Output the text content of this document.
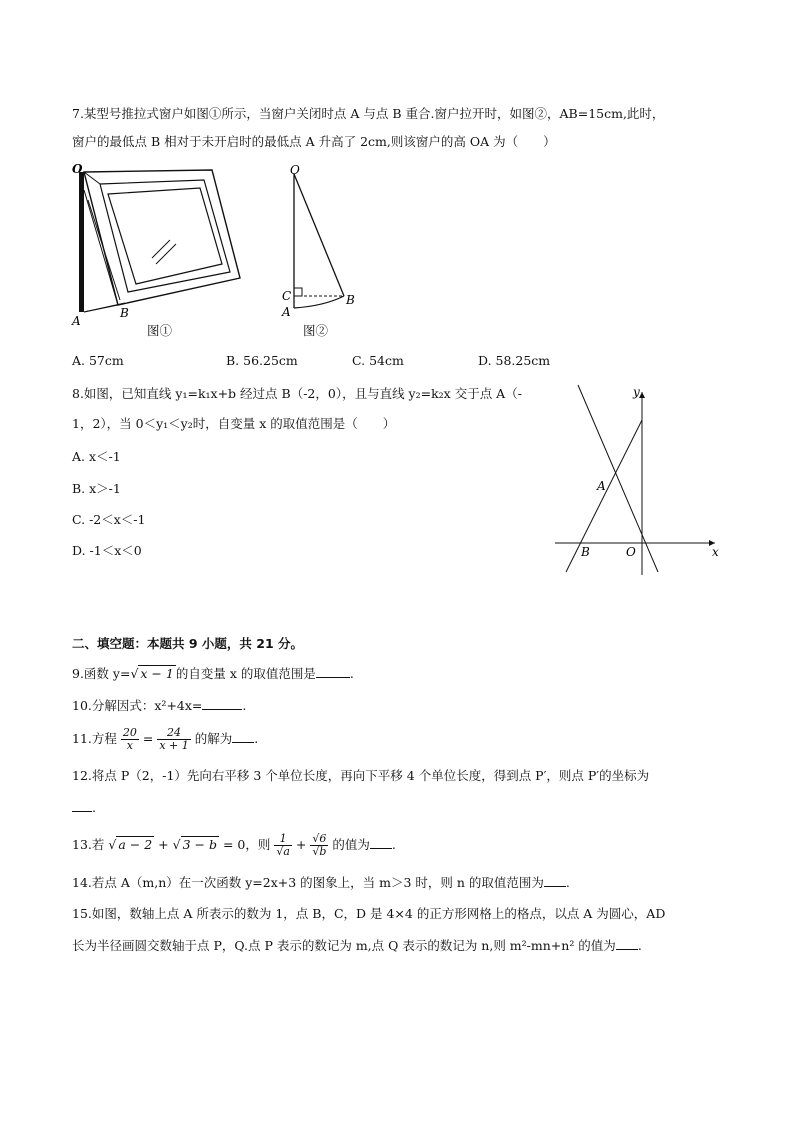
7.某型号推拉式窗户如图①所示，当窗户关闭时点 A 与点 B 重合.窗户拉开时，如图②，AB=15cm,此时，
窗户的最低点 B 相对于未开启时的最低点 A 升高了 2cm,则该窗户的高 OA 为（　　）
O
A
B
图①
O
C
A
B
图②
A. 57cm	B. 56.25cm	C. 54cm	D. 58.25cm
8.如图，已知直线 y₁=k₁x+b 经过点 B（-2，0），且与直线 y₂=k₂x 交于点 A（-
1，2），当 0＜y₁＜y₂时，自变量 x 的取值范围是（　　）
A. x＜-1
B. x＞-1
C. -2＜x＜-1
D. -1＜x＜0
y
x
A
B	O
二、填空题：本题共 9 小题，共 21 分。
9.函数 y=√ x − 1 的自变量 x 的取值范围是	.
10.分解因式：x²+4x=	.
11.方程 $\frac{20}{x} = \frac{24}{x + 1}$ 的解为 .
12.将点 P（2，-1）先向右平移 3 个单位长度，再向下平移 4 个单位长度，得到点 P′，则点 P′的坐标为
.
13.若 √ a − 2 + √ 3 − b = 0，则 $\frac{1}{√a} + \frac{√6}{√b}$ 的值为 .
14.若点 A（m,n）在一次函数 y=2x+3 的图象上，当 m＞3 时，则 n 的取值范围为 .
15.如图，数轴上点 A 所表示的数为 1，点 B，C，D 是 4×4 的正方形网格上的格点，以点 A 为圆心，AD
长为半径画圆交数轴于点 P，Q.点 P 表示的数记为 m,点 Q 表示的数记为 n,则 m²-mn+n² 的值为 .
